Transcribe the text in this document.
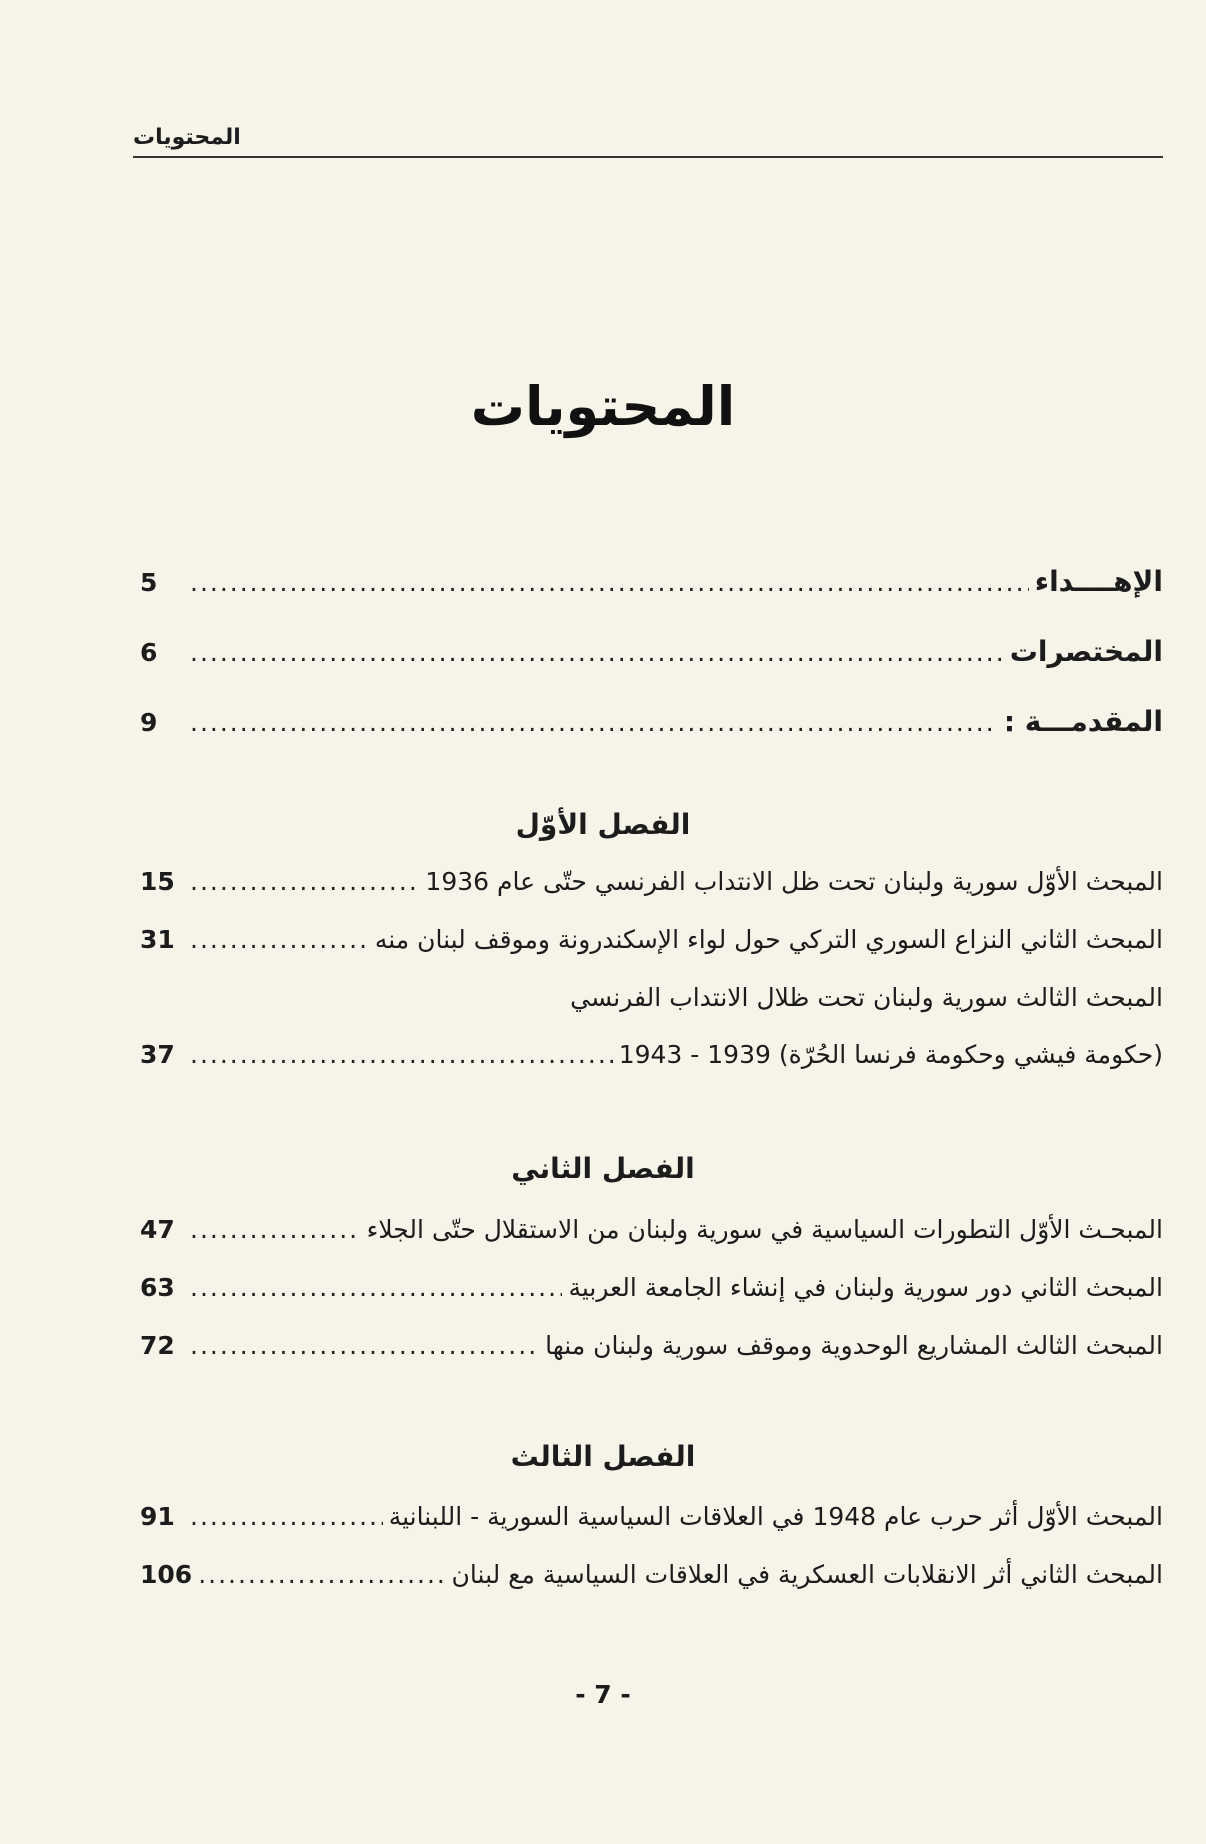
المحتويات
المحتويات
الإهــــداء
.....
5
المختصرات
.....
6
المقدمـــة :
.....
9
الفصل الأوّل
المبحث الأوّل سورية ولبنان تحت ظل الانتداب الفرنسي حتّى عام 1936
.....
15
المبحث الثاني النزاع السوري التركي حول لواء الإسكندرونة وموقف لبنان منه
.....
31
المبحث الثالث سورية ولبنان تحت ظلال الانتداب الفرنسي
(حكومة فيشي وحكومة فرنسا الحُرّة) 1939 - 1943
.....
37
الفصل الثاني
المبحـث الأوّل التطورات السياسية في سورية ولبنان من الاستقلال حتّى الجلاء
.....
47
المبحث الثاني دور سورية ولبنان في إنشاء الجامعة العربية
.....
63
المبحث الثالث المشاريع الوحدوية وموقف سورية ولبنان منها
.....
72
الفصل الثالث
المبحث الأوّل أثر حرب عام 1948 في العلاقات السياسية السورية - اللبنانية
.....
91
المبحث الثاني أثر الانقلابات العسكرية في العلاقات السياسية مع لبنان
.....
106
- 7 -
